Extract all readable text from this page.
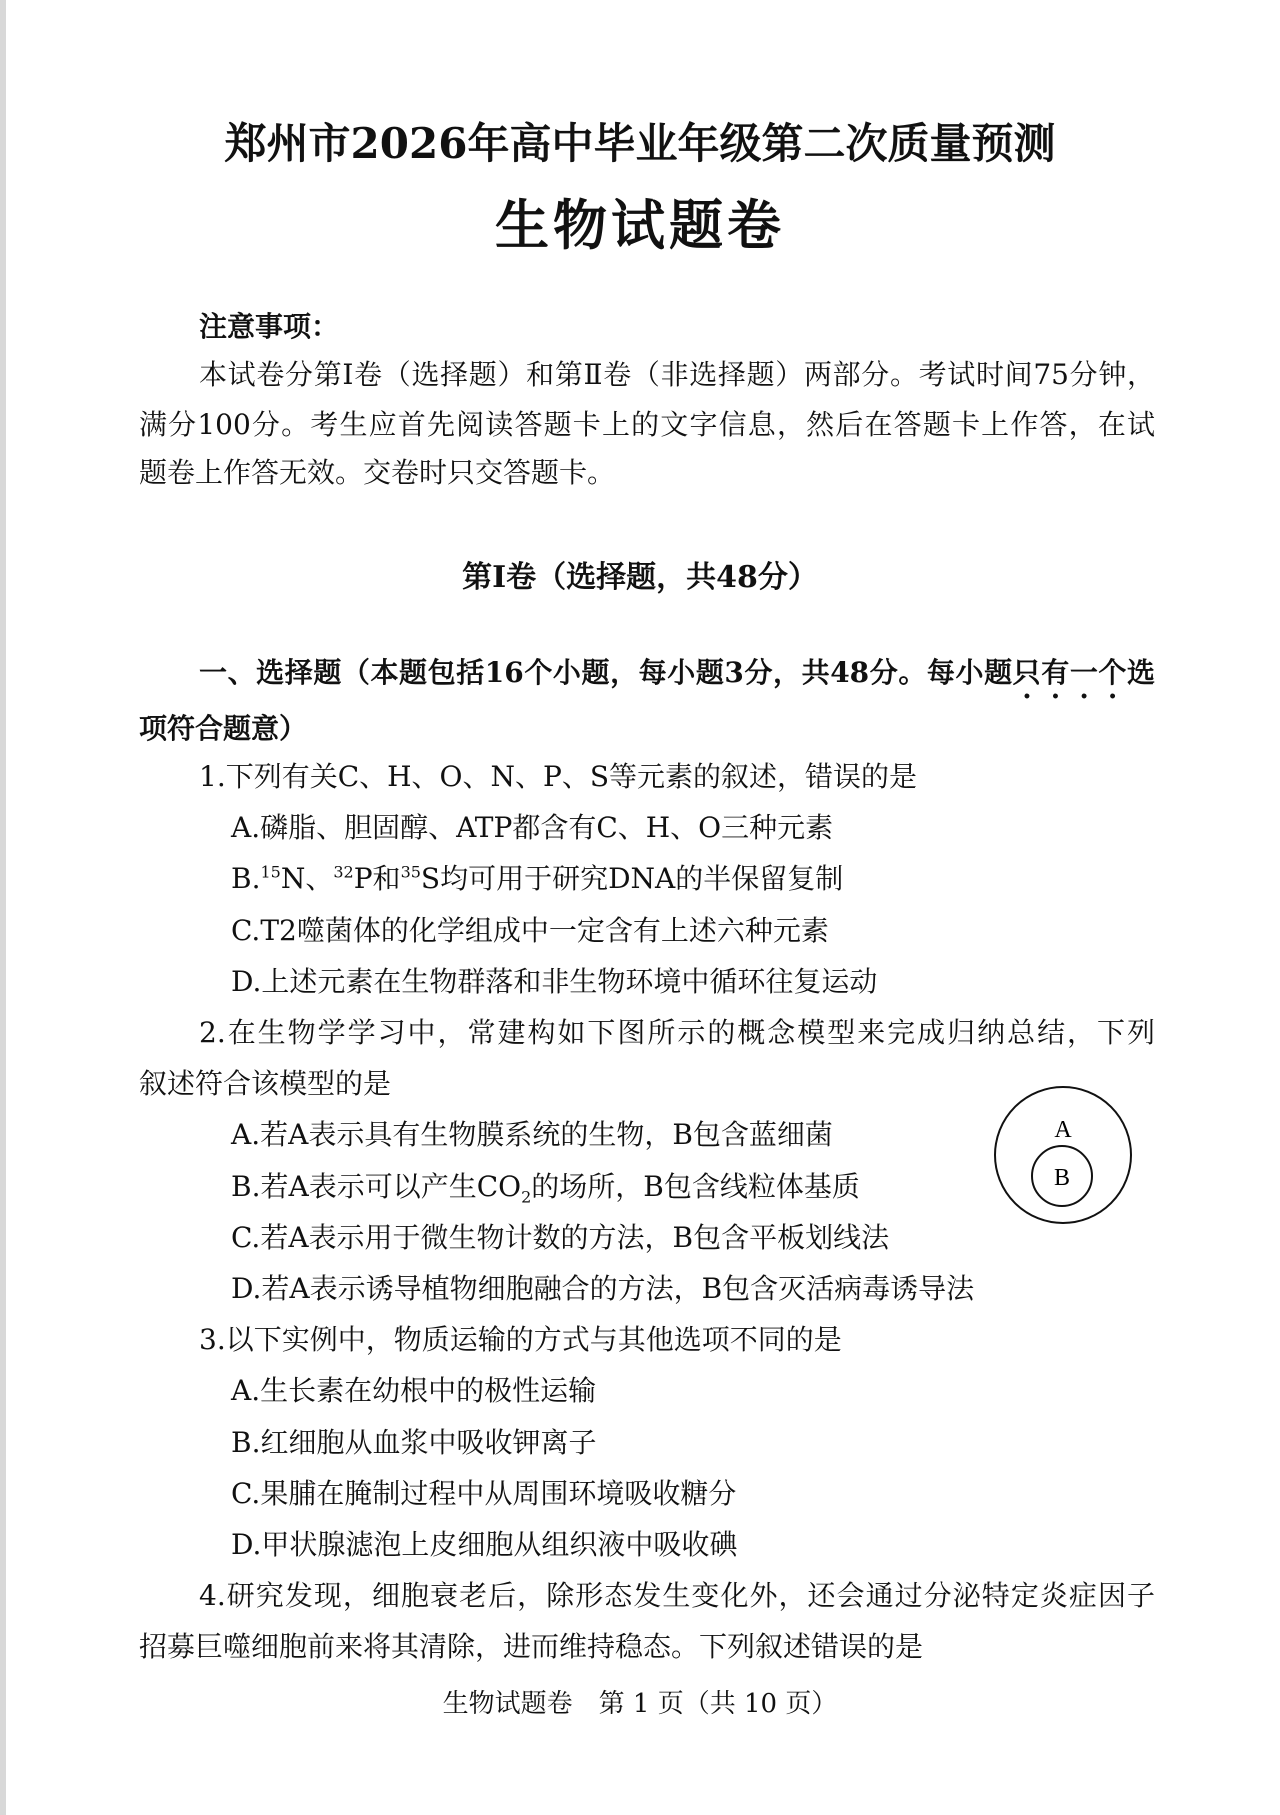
郑州市2026年高中毕业年级第二次质量预测
生物试题卷
注意事项：
本试卷分第Ⅰ卷（选择题）和第Ⅱ卷（非选择题）两部分。考试时间75分钟，
满分100分。考生应首先阅读答题卡上的文字信息，然后在答题卡上作答，在试
题卷上作答无效。交卷时只交答题卡。
第Ⅰ卷（选择题，共48分）
一、选择题（本题包括16个小题，每小题3分，共48分。每小题只有一个选
项符合题意）
1.下列有关C、H、O、N、P、S等元素的叙述，错误的是
A.磷脂、胆固醇、ATP都含有C、H、O三种元素
B.$^{15}$N、$^{32}$P和$^{35}$S均可用于研究DNA的半保留复制
C.T2噬菌体的化学组成中一定含有上述六种元素
D.上述元素在生物群落和非生物环境中循环往复运动
2.在生物学学习中，常建构如下图所示的概念模型来完成归纳总结，下列
叙述符合该模型的是
A.若A表示具有生物膜系统的生物，B包含蓝细菌
B.若A表示可以产生$CO_2$的场所，B包含线粒体基质
C.若A表示用于微生物计数的方法，B包含平板划线法
D.若A表示诱导植物细胞融合的方法，B包含灭活病毒诱导法
3.以下实例中，物质运输的方式与其他选项不同的是
A.生长素在幼根中的极性运输
B.红细胞从血浆中吸收钾离子
C.果脯在腌制过程中从周围环境吸收糖分
D.甲状腺滤泡上皮细胞从组织液中吸收碘
4.研究发现，细胞衰老后，除形态发生变化外，还会通过分泌特定炎症因子
招募巨噬细胞前来将其清除，进而维持稳态。下列叙述错误的是
A
B
生物试题卷　第 1 页（共 10 页）
